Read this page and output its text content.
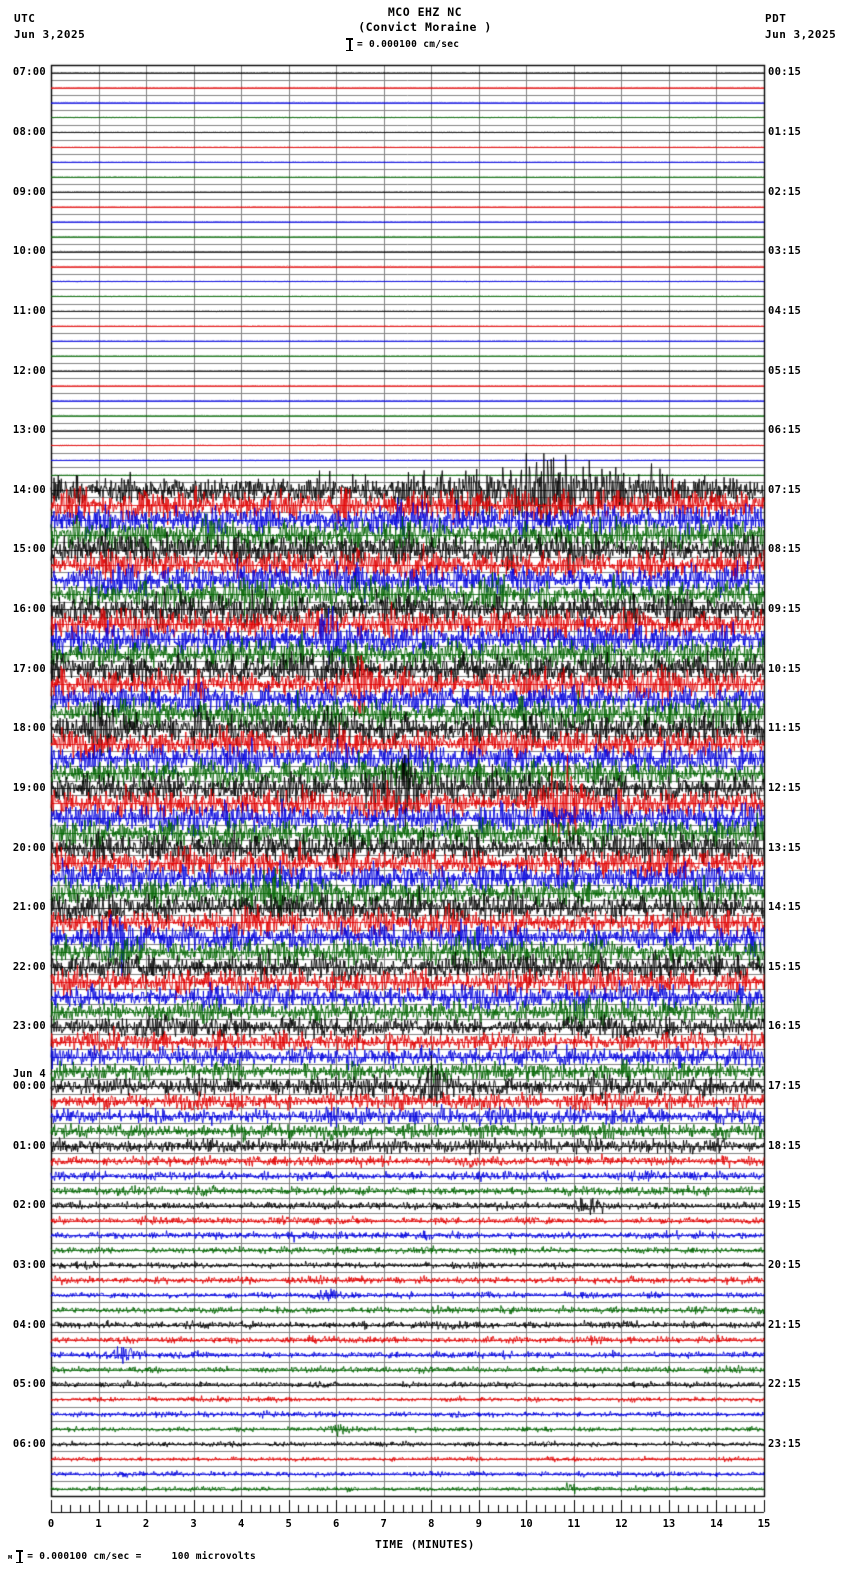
07:00
08:00
09:00
10:00
11:00
12:00
13:00
14:00
15:00
16:00
17:00
18:00
19:00
20:00
21:00
22:00
23:00
00:00
Jun 4
01:00
02:00
03:00
04:00
05:00
06:00
00:15
01:15
02:15
03:15
04:15
05:15
06:15
07:15
08:15
09:15
10:15
11:15
12:15
13:15
14:15
15:15
16:15
17:15
18:15
19:15
20:15
21:15
22:15
23:15
0	1	2	3	4	5	6	7	8	9	10	11	12	13	14	15
TIME (MINUTES)
м = 0.000100 cm/sec =     100 microvolts
